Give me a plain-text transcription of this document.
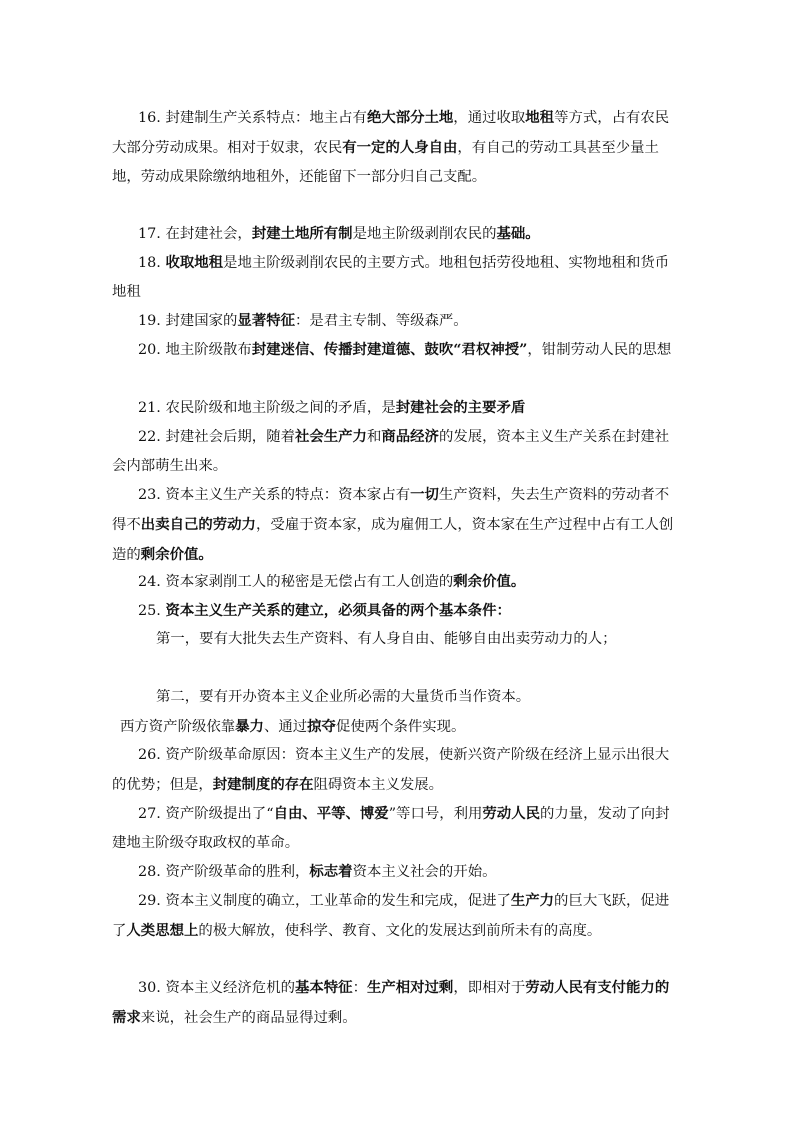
16. 封建制生产关系特点：地主占有绝大部分土地，通过收取地租等方式，占有农民大部分劳动成果。相对于奴隶，农民有一定的人身自由，有自己的劳动工具甚至少量土地，劳动成果除缴纳地租外，还能留下一部分归自己支配。

17. 在封建社会，封建土地所有制是地主阶级剥削农民的基础。

18. 收取地租是地主阶级剥削农民的主要方式。地租包括劳役地租、实物地租和货币地租

19. 封建国家的显著特征：是君主专制、等级森严。

20. 地主阶级散布封建迷信、传播封建道德、鼓吹“君权神授”，钳制劳动人民的思想

21. 农民阶级和地主阶级之间的矛盾，是封建社会的主要矛盾

22. 封建社会后期，随着社会生产力和商品经济的发展，资本主义生产关系在封建社会内部萌生出来。

23. 资本主义生产关系的特点：资本家占有一切生产资料，失去生产资料的劳动者不得不出卖自己的劳动力，受雇于资本家，成为雇佣工人，资本家在生产过程中占有工人创造的剩余价值。

24. 资本家剥削工人的秘密是无偿占有工人创造的剩余价值。

25. 资本主义生产关系的建立，必须具备的两个基本条件：

第一，要有大批失去生产资料、有人身自由、能够自由出卖劳动力的人；

第二，要有开办资本主义企业所必需的大量货币当作资本。

西方资产阶级依靠暴力、通过掠夺促使两个条件实现。

26. 资产阶级革命原因：资本主义生产的发展，使新兴资产阶级在经济上显示出很大的优势；但是，封建制度的存在阻碍资本主义发展。

27. 资产阶级提出了“自由、平等、博爱”等口号，利用劳动人民的力量，发动了向封建地主阶级夺取政权的革命。

28. 资产阶级革命的胜利，标志着资本主义社会的开始。

29. 资本主义制度的确立，工业革命的发生和完成，促进了生产力的巨大飞跃，促进了人类思想上的极大解放，使科学、教育、文化的发展达到前所未有的高度。

30. 资本主义经济危机的基本特征：生产相对过剩，即相对于劳动人民有支付能力的需求来说，社会生产的商品显得过剩。
